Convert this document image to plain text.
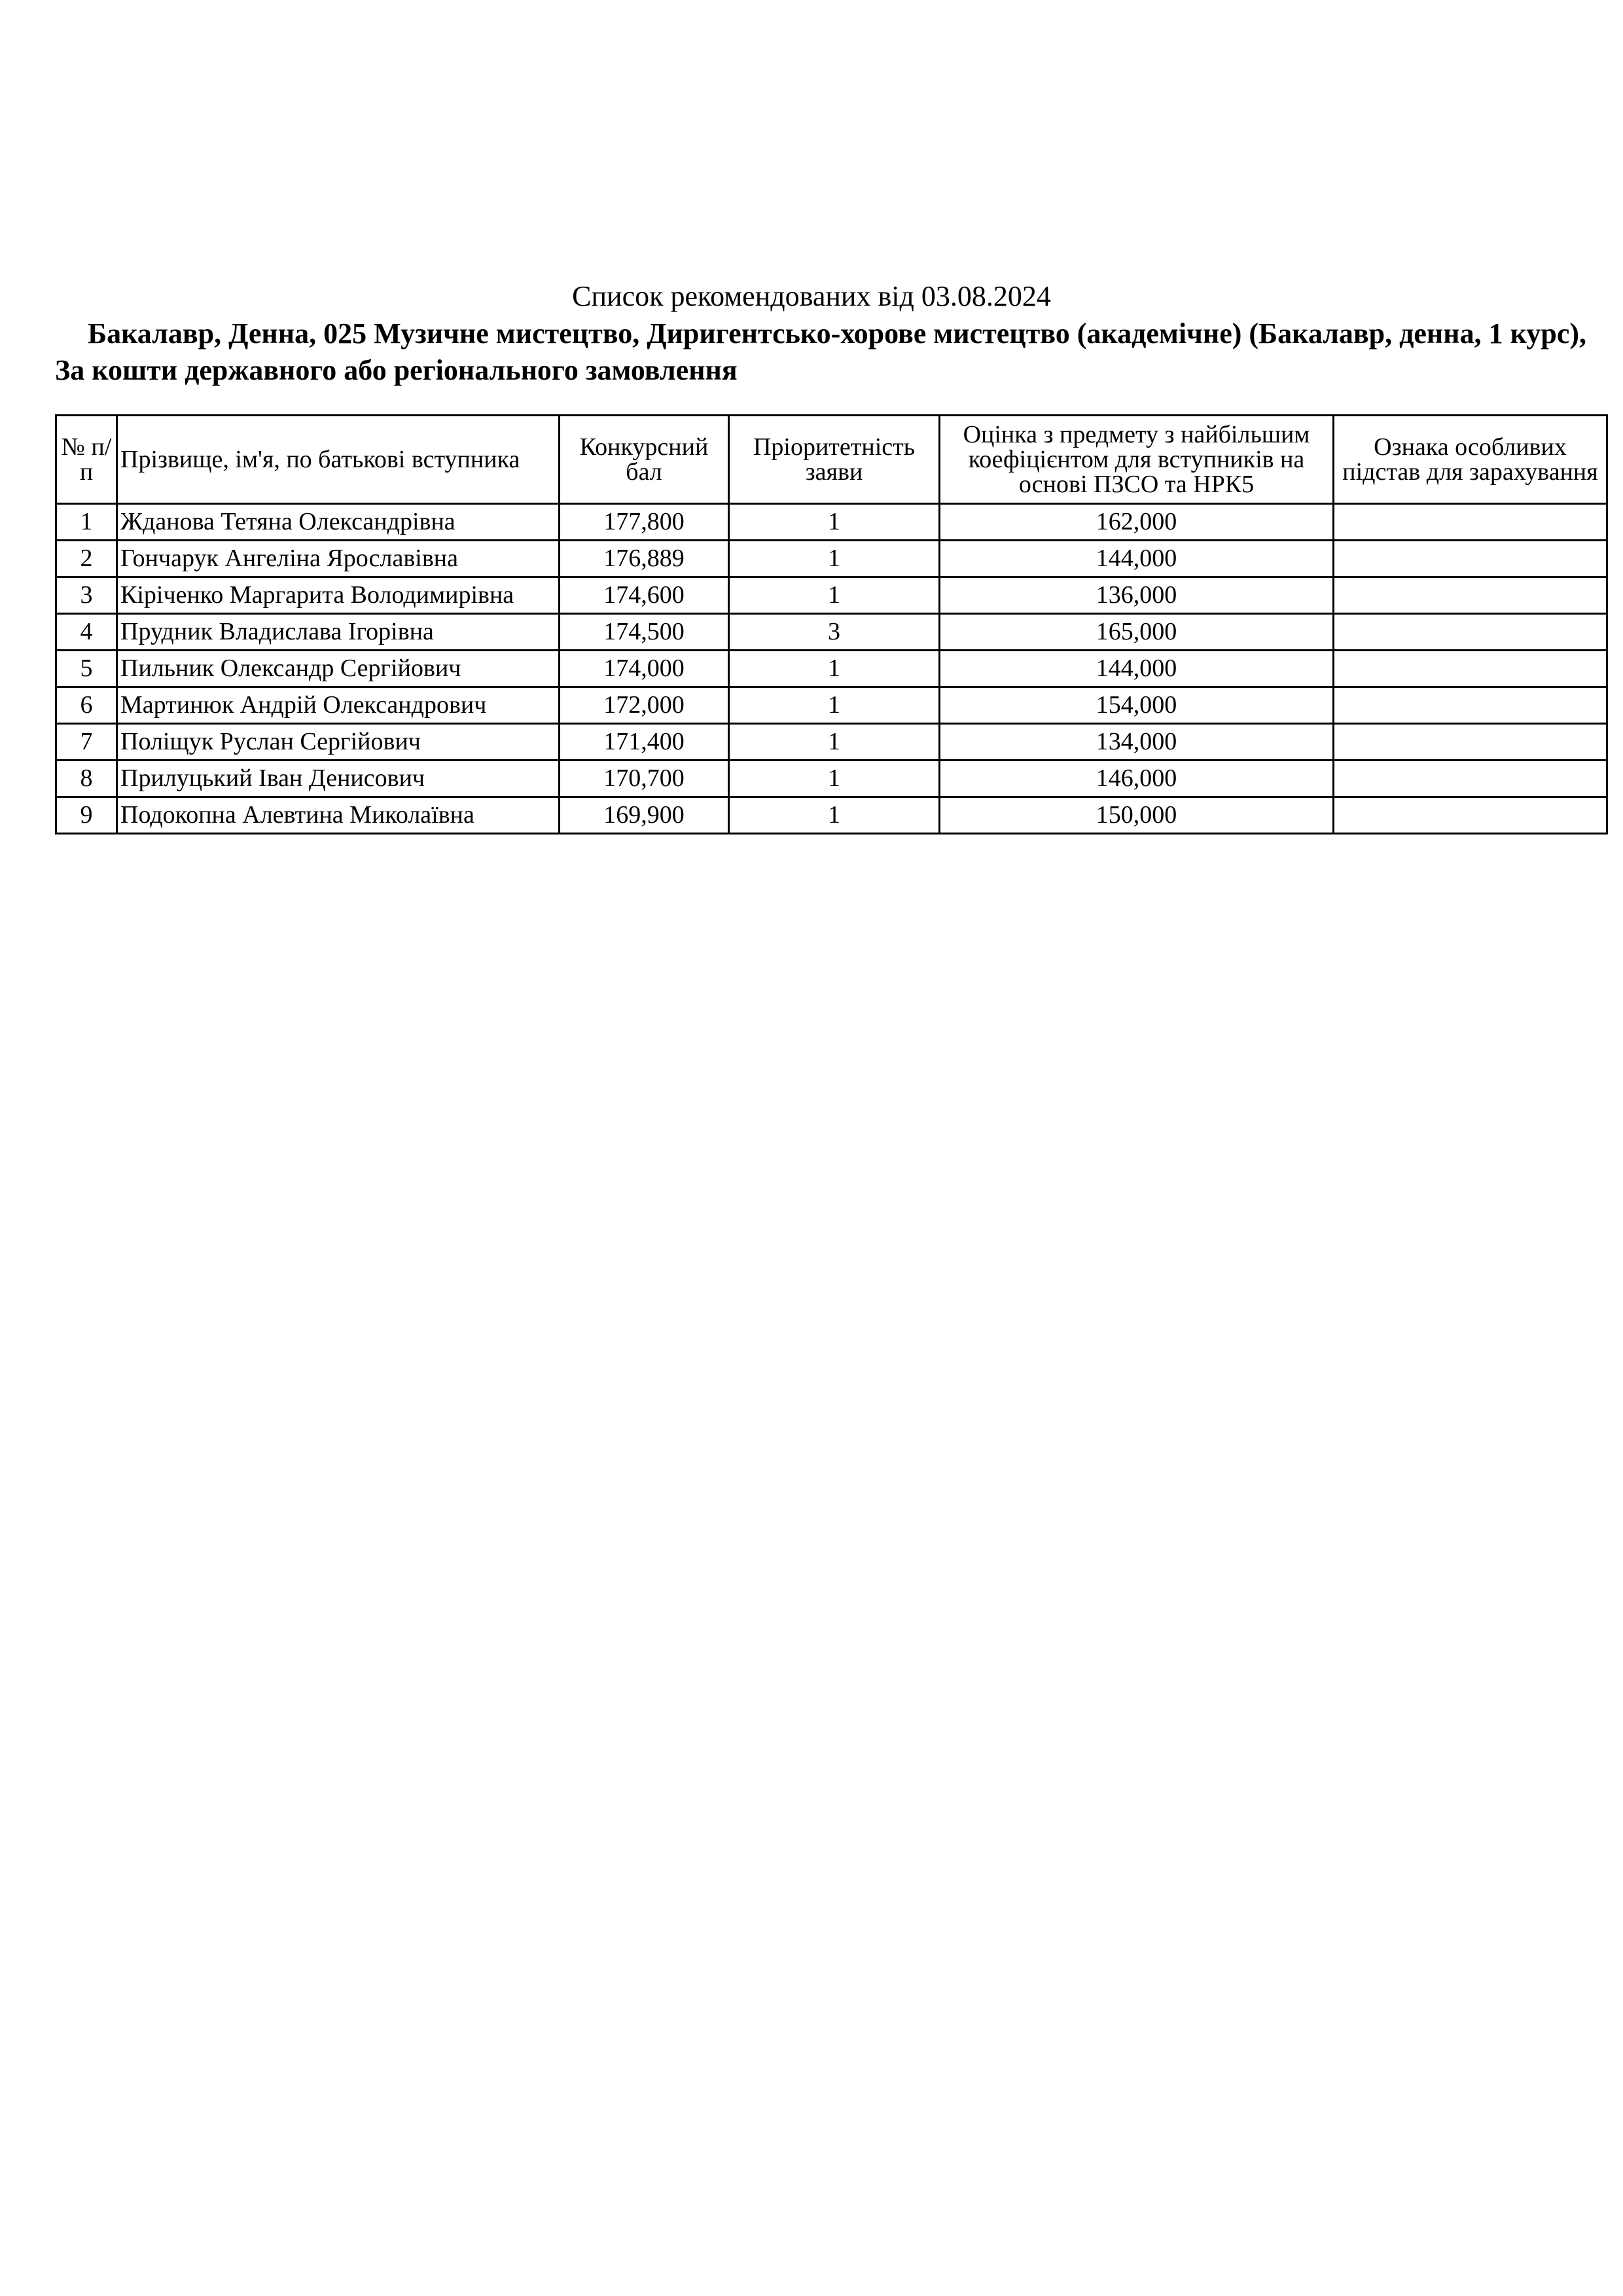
Список рекомендованих від 03.08.2024
Бакалавр, Денна, 025 Музичне мистецтво, Диригентсько-хорове мистецтво (академічне) (Бакалавр, денна, 1 курс), За кошти державного або регіонального замовлення
№ п/п	Прізвище, ім'я, по батькові вступника	Конкурсний бал	Пріоритетність заяви	Оцінка з предмету з найбільшим коефіцієнтом для вступників на основі ПЗСО та НРК5	Ознака особливих підстав для зарахування
1	Жданова Тетяна Олександрівна	177,800	1	162,000	
2	Гончарук Ангеліна Ярославівна	176,889	1	144,000	
3	Кіріченко Маргарита Володимирівна	174,600	1	136,000	
4	Прудник Владислава Ігорівна	174,500	3	165,000	
5	Пильник Олександр Сергійович	174,000	1	144,000	
6	Мартинюк Андрій Олександрович	172,000	1	154,000	
7	Поліщук Руслан Сергійович	171,400	1	134,000	
8	Прилуцький Іван Денисович	170,700	1	146,000	
9	Подокопна Алевтина Миколаївна	169,900	1	150,000	
